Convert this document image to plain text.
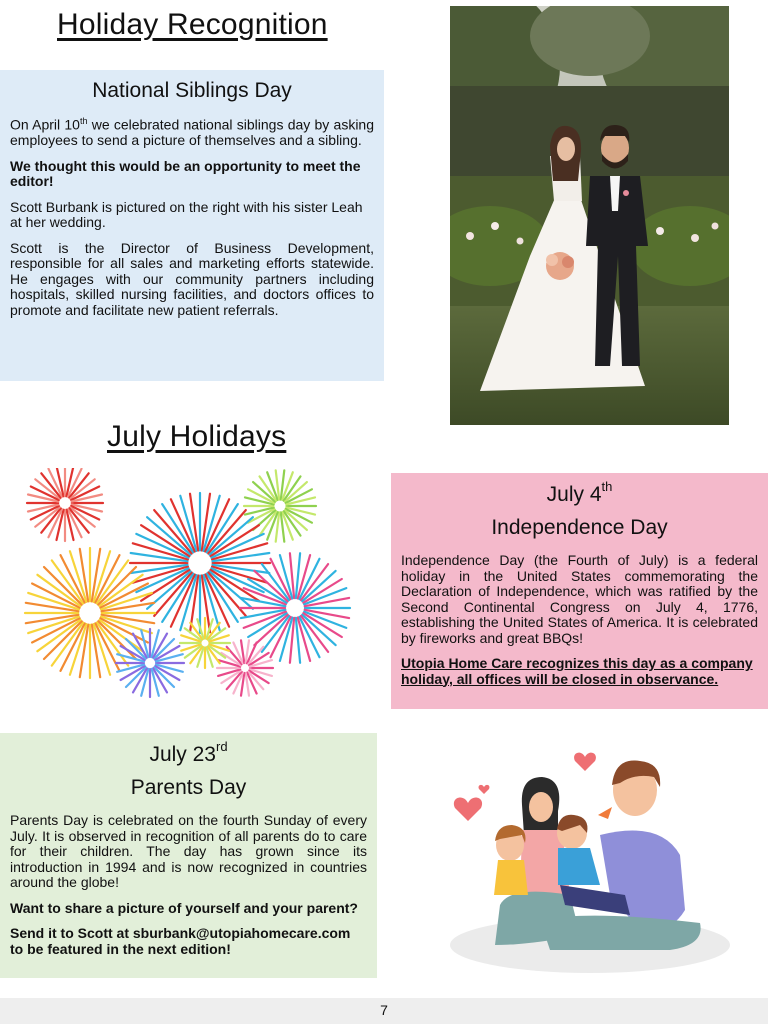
Holiday Recognition
National Siblings Day

On April 10th we celebrated national siblings day by asking employees to send a picture of themselves and a sibling.

We thought this would be an opportunity to meet the editor!

Scott Burbank is pictured on the right with his sister Leah at her wedding.

Scott is the Director of Business Development, responsible for all sales and marketing efforts statewide. He engages with our community partners including hospitals, skilled nursing facilities, and doctors offices to promote and facilitate new patient referrals.

July Holidays
July 4th
Independence Day

Independence Day (the Fourth of July) is a federal holiday in the United States commemorating the Declaration of Independence, which was ratified by the Second Continental Congress on July 4, 1776, establishing the United States of America. It is celebrated by fireworks and great BBQs!

Utopia Home Care recognizes this day as a company holiday, all offices will be closed in observance.

July 23rd
Parents Day

Parents Day is celebrated on the fourth Sunday of every July. It is observed in recognition of all parents do to care for their children. The day has grown since its introduction in 1994 and is now recognized in countries around the globe!

Want to share a picture of yourself and your parent?

Send it to Scott at sburbank@utopiahomecare.com to be featured in the next edition!

7
